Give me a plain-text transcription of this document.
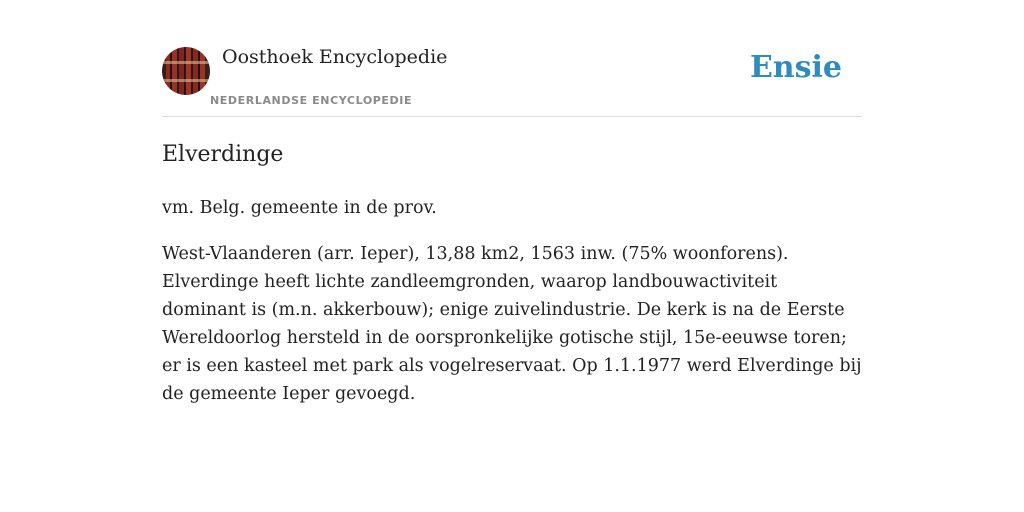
Oosthoek Encyclopedie
NEDERLANDSE ENCYCLOPEDIE
Ensie
Elverdinge

vm. Belg. gemeente in de prov.

West-Vlaanderen (arr. Ieper), 13,88 km2, 1563 inw. (75% woonforens). Elverdinge heeft lichte zandleemgronden, waarop landbouwactiviteit dominant is (m.n. akkerbouw); enige zuivelindustrie. De kerk is na de Eerste Wereldoorlog hersteld in de oorspronkelijke gotische stijl, 15e-eeuwse toren; er is een kasteel met park als vogelreservaat. Op 1.1.1977 werd Elverdinge bij de gemeente Ieper gevoegd.
